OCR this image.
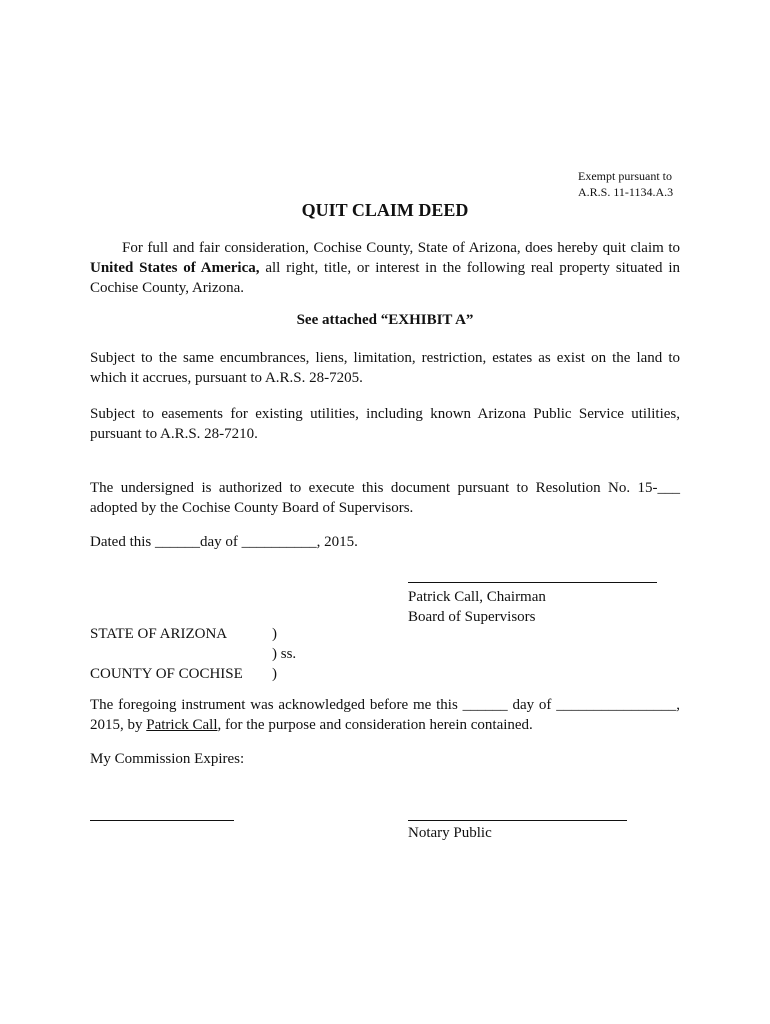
Exempt pursuant to
A.R.S. 11-1134.A.3
QUIT CLAIM DEED
For full and fair consideration, Cochise County, State of Arizona, does hereby quit claim to United States of America, all right, title, or interest in the following real property situated in Cochise County, Arizona.
See attached “EXHIBIT A”
Subject to the same encumbrances, liens, limitation, restriction, estates as exist on the land to which it accrues, pursuant to A.R.S. 28-7205.
Subject to easements for existing utilities, including known Arizona Public Service utilities, pursuant to A.R.S. 28-7210.
The undersigned is authorized to execute this document pursuant to Resolution No. 15-___ adopted by the Cochise County Board of Supervisors.
Dated this ______day of __________, 2015.
Patrick Call, Chairman
Board of Supervisors
STATE OF ARIZONA

COUNTY OF COCHISE
)
) ss.
)
The foregoing instrument was acknowledged before me this ______ day of ________________, 2015, by Patrick Call, for the purpose and consideration herein contained.
My Commission Expires:
Notary Public
